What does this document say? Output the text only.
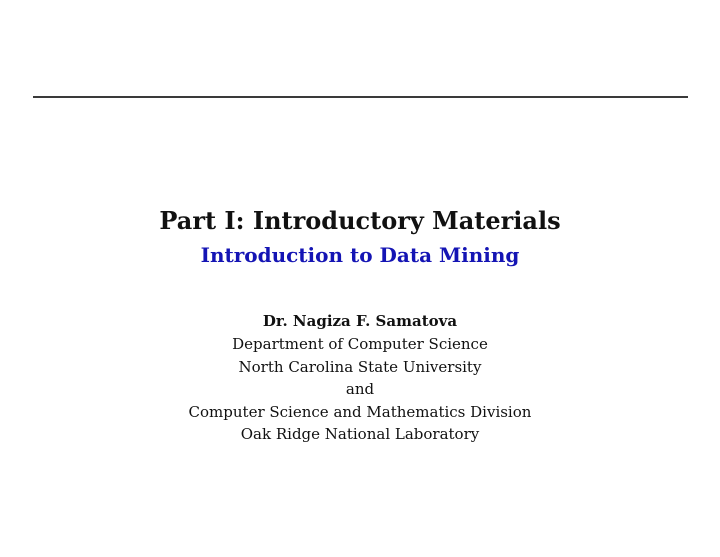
Part I: Introductory Materials
Introduction to Data Mining
Dr. Nagiza F. Samatova
Department of Computer Science
North Carolina State University
and
Computer Science and Mathematics Division
Oak Ridge National Laboratory
